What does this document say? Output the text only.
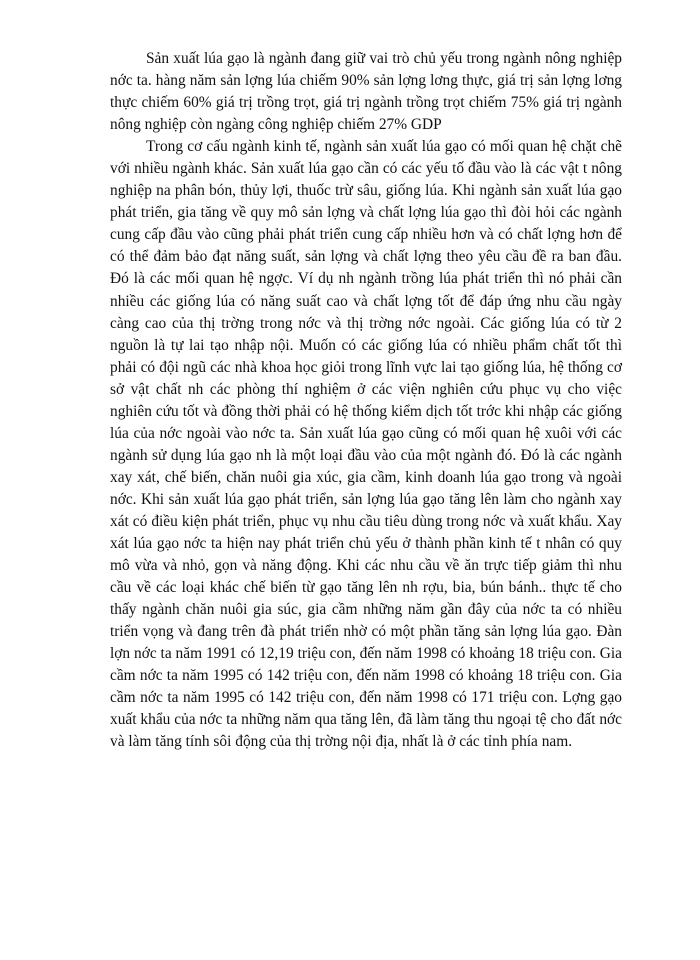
Sản xuất lúa gạo là ngành đang giữ vai trò chủ yếu trong ngành nông nghiệp nớc ta. hàng năm sản lợng lúa chiếm 90% sản lợng lơng thực, giá trị sản lợng lơng thực chiếm 60% giá trị trồng trọt, giá trị ngành trồng trọt chiếm 75% giá trị ngành nông nghiệp còn ngàng công nghiệp chiếm 27% GDP

Trong cơ cấu ngành kinh tế, ngành sản xuất lúa gạo có mối quan hệ chặt chẽ với nhiều ngành khác. Sản xuất lúa gạo cần có các yếu tố đầu vào là các vật t nông nghiệp na phân bón, thủy lợi, thuốc trừ sâu, giống lúa. Khi ngành sản xuất lúa gạo phát triển, gia tăng về quy mô sản lợng và chất lợng lúa gạo thì đòi hỏi các ngành cung cấp đầu vào cũng phải phát triển cung cấp nhiều hơn và có chất lợng hơn để có thể đảm bảo đạt năng suất, sản lợng và chất lợng theo yêu cầu đề ra ban đầu. Đó là các mối quan hệ ngợc. Ví dụ nh ngành trồng lúa phát triển thì nó phải cần nhiều các giống lúa có năng suất cao và chất lợng tốt để đáp ứng nhu cầu ngày càng cao của thị trờng trong nớc và thị trờng nớc ngoài. Các giống lúa có từ 2 nguồn là tự lai tạo nhập nội. Muốn có các giống lúa có nhiều phẩm chất tốt thì phải có đội ngũ các nhà khoa học giỏi trong lĩnh vực lai tạo giống lúa, hệ thống cơ sở vật chất nh các phòng thí nghiệm ở các viện nghiên cứu phục vụ cho việc nghiên cứu tốt và đồng thời phải có hệ thống kiểm dịch tốt trớc khi nhập các giống lúa của nớc ngoài vào nớc ta. Sản xuất lúa gạo cũng có mối quan hệ xuôi với các ngành sử dụng lúa gạo nh là một loại đầu vào của một ngành đó. Đó là các ngành xay xát, chế biến, chăn nuôi gia xúc, gia cầm, kinh doanh lúa gạo trong và ngoài nớc. Khi sản xuất lúa gạo phát triển, sản lợng lúa gạo tăng lên làm cho ngành xay xát có điều kiện phát triển, phục vụ nhu cầu tiêu dùng trong nớc và xuất khẩu. Xay xát lúa gạo nớc ta hiện nay phát triển chủ yếu ở thành phần kinh tế t nhân có quy mô vừa và nhỏ, gọn và năng động. Khi các nhu cầu về ăn trực tiếp giảm thì nhu cầu về các loại khác chế biến từ gạo tăng lên nh rợu, bia, bún bánh.. thực tế cho thấy ngành chăn nuôi gia súc, gia cầm những năm gần đây của nớc ta có nhiều triển vọng và đang trên đà phát triển nhờ có một phần tăng sản lợng lúa gạo. Đàn lợn nớc ta năm 1991 có 12,19 triệu con, đến năm 1998 có khoảng 18 triệu con. Gia cầm nớc ta năm 1995 có 142 triệu con, đến năm 1998 có khoảng 18 triệu con. Gia cầm nớc ta năm 1995 có 142 triệu con, đến năm 1998 có 171 triệu con. Lợng gạo xuất khẩu của nớc ta những năm qua tăng lên, đã làm tăng thu ngoại tệ cho đất nớc và làm tăng tính sôi động của thị trờng nội địa, nhất là ở các tỉnh phía nam.
